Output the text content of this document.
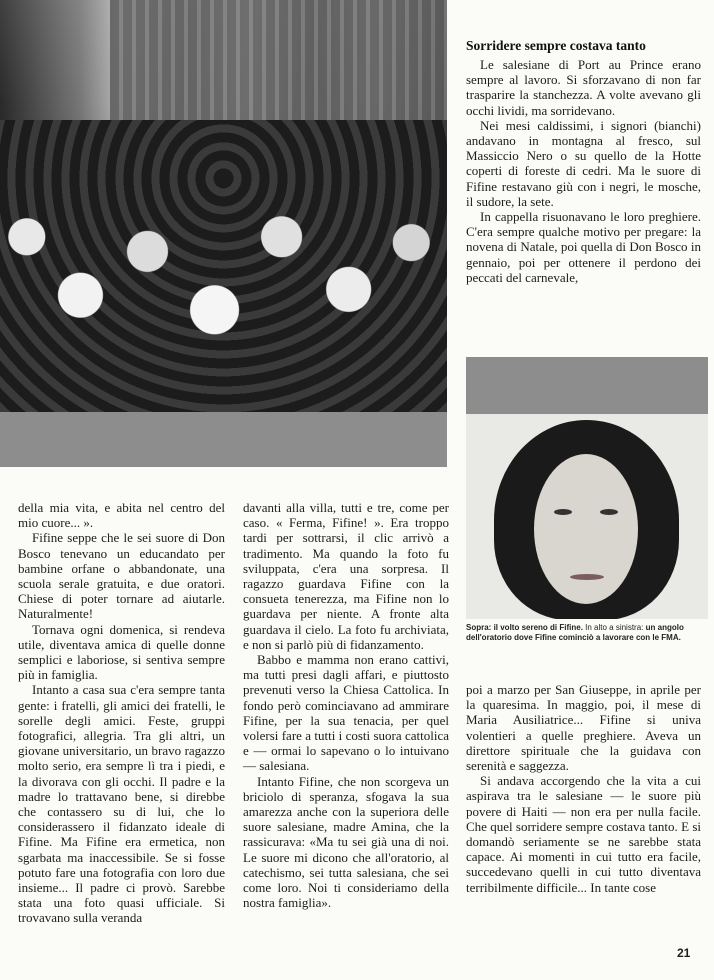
Sorridere sempre costava tanto

Le salesiane di Port au Prince erano sempre al lavoro. Si sforzavano di non far trasparire la stanchezza. A volte avevano gli occhi lividi, ma sorridevano.

Nei mesi caldissimi, i signori (bianchi) andavano in montagna al fresco, sul Massiccio Nero o su quello de la Hotte coperti di foreste di cedri. Ma le suore di Fifine restavano giù con i negri, le mosche, il sudore, la sete.

In cappella risuonavano le loro preghiere. C'era sempre qualche motivo per pregare: la novena di Natale, poi quella di Don Bosco in gennaio, poi per ottenere il perdono dei peccati del carnevale,

Sopra: il volto sereno di Fifine. In alto a sinistra: un angolo dell'oratorio dove Fifine cominciò a lavorare con le FMA.

della mia vita, e abita nel centro del mio cuore... ».

Fifine seppe che le sei suore di Don Bosco tenevano un educandato per bambine orfane o abbandonate, una scuola serale gratuita, e due oratori. Chiese di poter tornare ad aiutarle. Naturalmente!

Tornava ogni domenica, si rendeva utile, diventava amica di quelle donne semplici e laboriose, si sentiva sempre più in famiglia.

Intanto a casa sua c'era sempre tanta gente: i fratelli, gli amici dei fratelli, le sorelle degli amici. Feste, gruppi fotografici, allegria. Tra gli altri, un giovane universitario, un bravo ragazzo molto serio, era sempre lì tra i piedi, e la divorava con gli occhi. Il padre e la madre lo trattavano bene, si direbbe che contassero su di lui, che lo considerassero il fidanzato ideale di Fifine. Ma Fifine era ermetica, non sgarbata ma inaccessibile. Se si fosse potuto fare una fotografia con loro due insieme... Il padre ci provò. Sarebbe stata una foto quasi ufficiale. Si trovavano sulla veranda

davanti alla villa, tutti e tre, come per caso. « Ferma, Fifine! ». Era troppo tardi per sottrarsi, il clic arrivò a tradimento. Ma quando la foto fu sviluppata, c'era una sorpresa. Il ragazzo guardava Fifine con la consueta tenerezza, ma Fifine non lo guardava per niente. A fronte alta guardava il cielo. La foto fu archiviata, e non si parlò più di fidanzamento.

Babbo e mamma non erano cattivi, ma tutti presi dagli affari, e piuttosto prevenuti verso la Chiesa Cattolica. In fondo però cominciavano ad ammirare Fifine, per la sua tenacia, per quel volersi fare a tutti i costi suora cattolica e — ormai lo sapevano o lo intuivano — salesiana.

Intanto Fifine, che non scorgeva un briciolo di speranza, sfogava la sua amarezza anche con la superiora delle suore salesiane, madre Amina, che la rassicurava: «Ma tu sei già una di noi. Le suore mi dicono che all'oratorio, al catechismo, sei tutta salesiana, che sei come loro. Noi ti consideriamo della nostra famiglia».

poi a marzo per San Giuseppe, in aprile per la quaresima. In maggio, poi, il mese di Maria Ausiliatrice... Fifine si univa volentieri a quelle preghiere. Aveva un direttore spirituale che la guidava con serenità e saggezza.

Si andava accorgendo che la vita a cui aspirava tra le salesiane — le suore più povere di Haiti — non era per nulla facile. Che quel sorridere sempre costava tanto. E si domandò seriamente se ne sarebbe stata capace. Ai momenti in cui tutto era facile, succedevano quelli in cui tutto diventava terribilmente difficile... In tante cose

21
